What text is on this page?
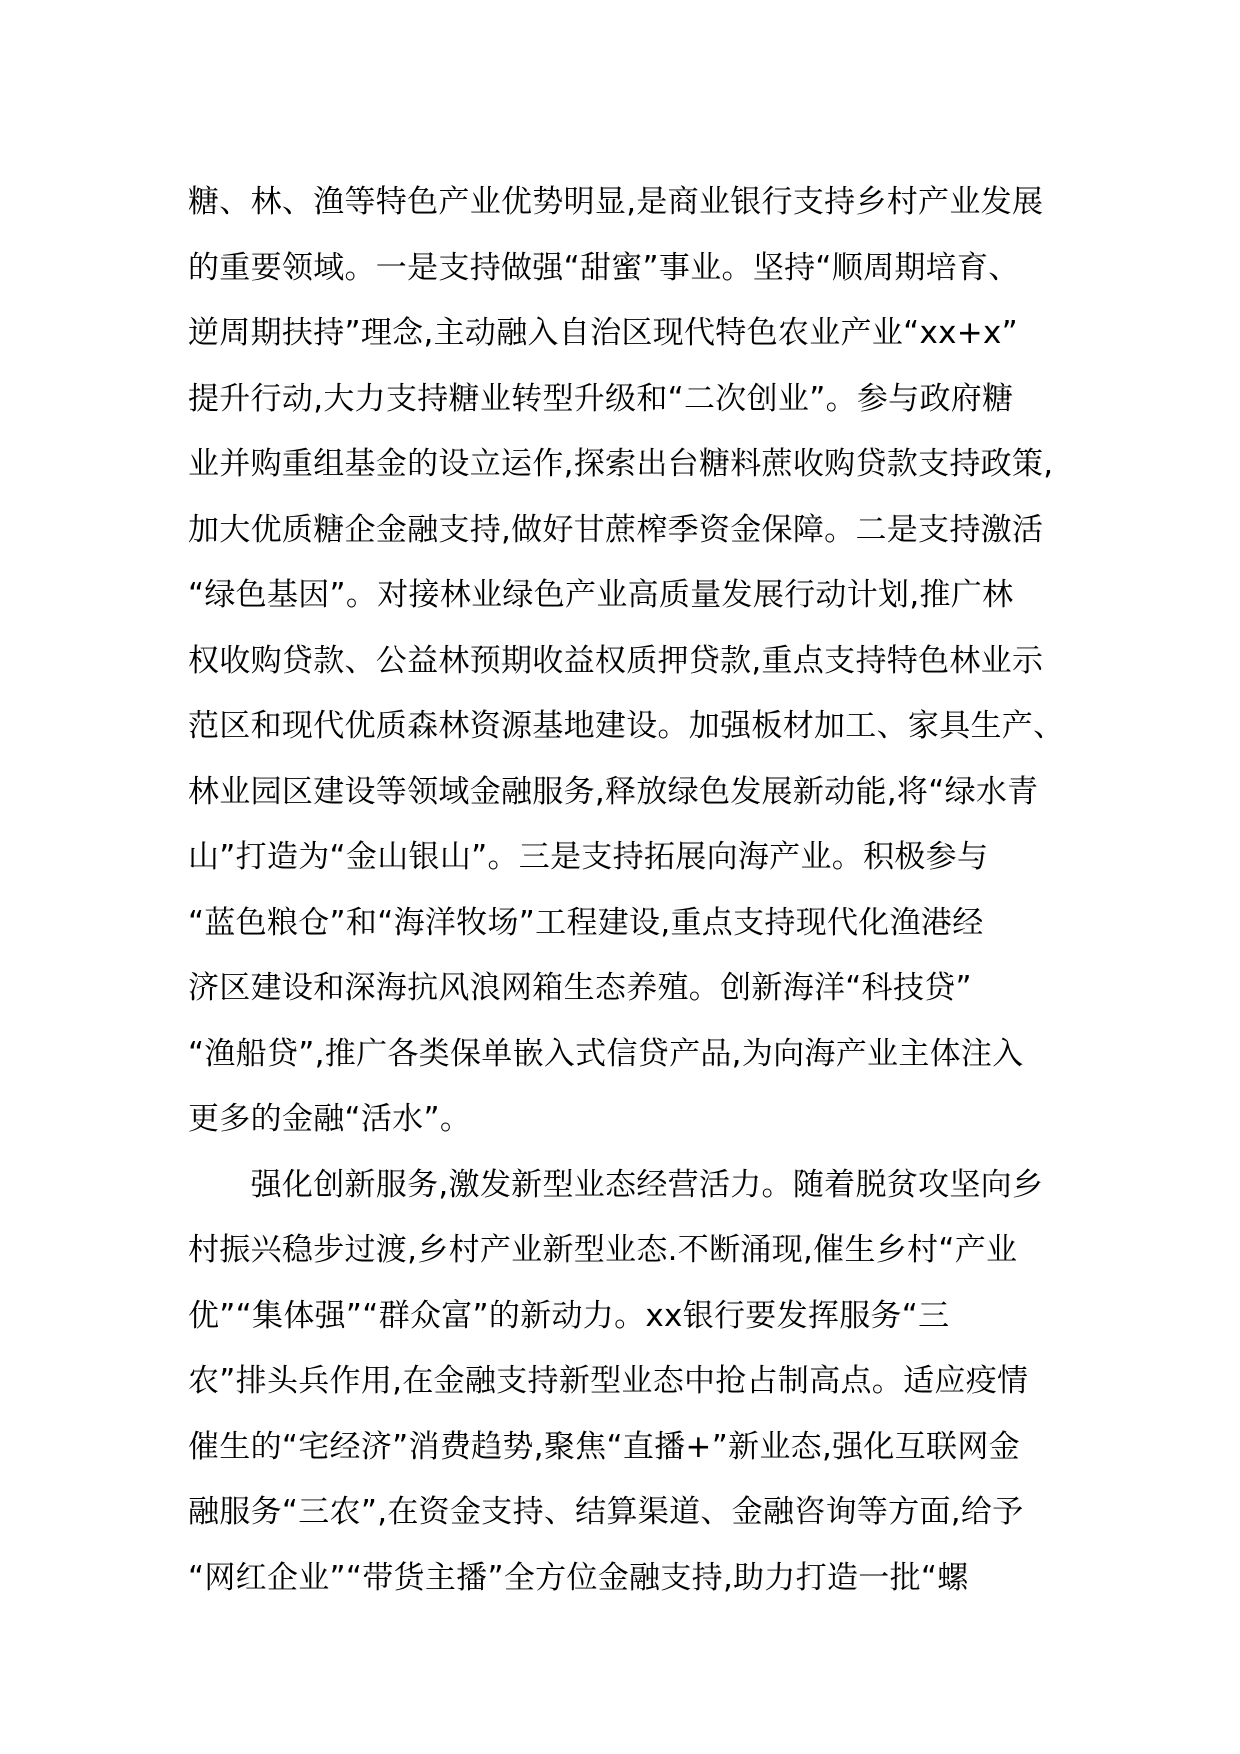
糖、林、渔等特色产业优势明显,是商业银行支持乡村产业发展
的重要领域。一是支持做强“甜蜜”事业。坚持“顺周期培育、
逆周期扶持”理念,主动融入自治区现代特色农业产业“xx+x”
提升行动,大力支持糖业转型升级和“二次创业”。参与政府糖
业并购重组基金的设立运作,探索出台糖料蔗收购贷款支持政策,
加大优质糖企金融支持,做好甘蔗榨季资金保障。二是支持激活
“绿色基因”。对接林业绿色产业高质量发展行动计划,推广林
权收购贷款、公益林预期收益权质押贷款,重点支持特色林业示
范区和现代优质森林资源基地建设。加强板材加工、家具生产、
林业园区建设等领域金融服务,释放绿色发展新动能,将“绿水青
山”打造为“金山银山”。三是支持拓展向海产业。积极参与
“蓝色粮仓”和“海洋牧场”工程建设,重点支持现代化渔港经
济区建设和深海抗风浪网箱生态养殖。创新海洋“科技贷”
“渔船贷”,推广各类保单嵌入式信贷产品,为向海产业主体注入
更多的金融“活水”。
　　强化创新服务,激发新型业态经营活力。随着脱贫攻坚向乡
村振兴稳步过渡,乡村产业新型业态.不断涌现,催生乡村“产业
优”“集体强”“群众富”的新动力。xx银行要发挥服务“三
农”排头兵作用,在金融支持新型业态中抢占制高点。适应疫情
催生的“宅经济”消费趋势,聚焦“直播+”新业态,强化互联网金
融服务“三农”,在资金支持、结算渠道、金融咨询等方面,给予
“网红企业”“带货主播”全方位金融支持,助力打造一批“螺
